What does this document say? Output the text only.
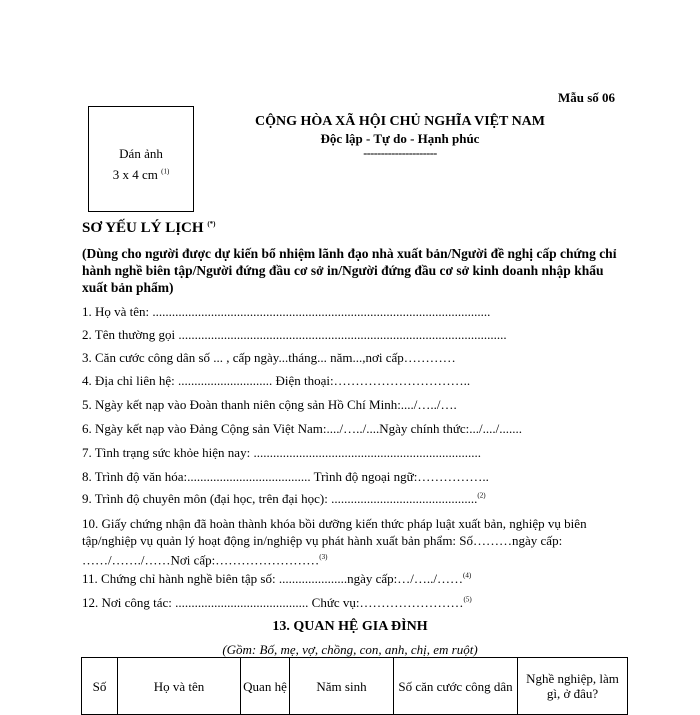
Mẫu số 06
Dán ảnh
3 x 4 cm $^{(1)}$
CỘNG HÒA XÃ HỘI CHỦ NGHĨA VIỆT NAM
Độc lập - Tự do - Hạnh phúc
---------------------
SƠ YẾU LÝ LỊCH (*)
(Dùng cho người được dự kiến bổ nhiệm lãnh đạo nhà xuất bản/Người đề nghị cấp chứng chỉ hành nghề biên tập/Người đứng đầu cơ sở in/Người đứng đầu cơ sở kinh doanh nhập khẩu xuất bản phẩm)
1. Họ và tên: ........................................................................................................
2. Tên thường gọi .....................................................................................................
3. Căn cước công dân số ... , cấp ngày...tháng... năm...,nơi cấp…………
4. Địa chỉ liên hệ: ............................. Điện thoại:…………………………..
5. Ngày kết nạp vào Đoàn thanh niên cộng sản Hồ Chí Minh:..../…../….
6. Ngày kết nạp vào Đảng Cộng sản Việt Nam:..../…../....Ngày chính thức:.../..../.......
7. Tình trạng sức khỏe hiện nay: ......................................................................
8. Trình độ văn hóa:...................................... Trình độ ngoại ngữ:……………..
9. Trình độ chuyên môn (đại học, trên đại học): .............................................$^{(2)}$
10. Giấy chứng nhận đã hoàn thành khóa bồi dưỡng kiến thức pháp luật xuất bản, nghiệp vụ biên tập/nghiệp vụ quản lý hoạt động in/nghiệp vụ phát hành xuất bản phẩm: Số………ngày cấp: ……/……./……Nơi cấp:……………………$^{(3)}$
11. Chứng chỉ hành nghề biên tập số: .....................ngày cấp:…/…../……$^{(4)}$
12. Nơi công tác: ......................................... Chức vụ:……………………$^{(5)}$
13. QUAN HỆ GIA ĐÌNH
(Gồm: Bố, mẹ, vợ, chồng, con, anh, chị, em ruột)
Số	Họ và tên	Quan hệ	Năm sinh	Số căn cước công dân	Nghề nghiệp, làm gì, ở đâu?
